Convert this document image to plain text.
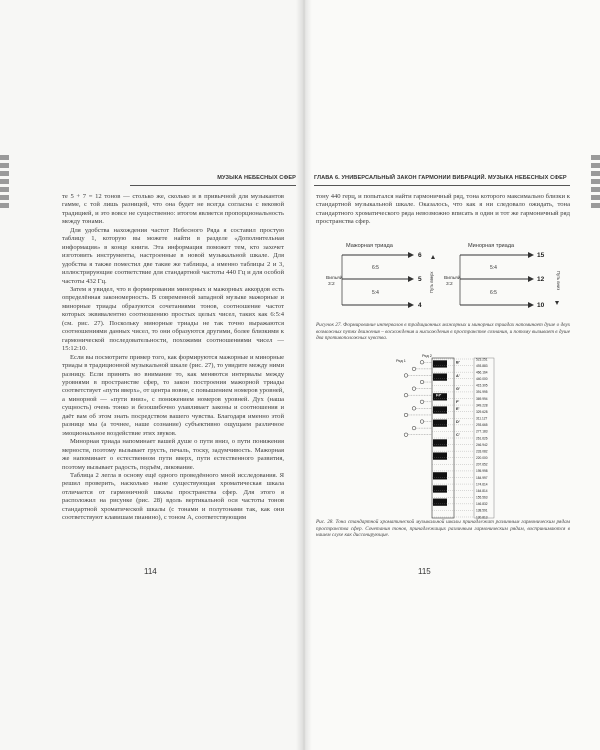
МУЗЫКА НЕБЕСНЫХ СФЕР

те 5 + 7 = 12 тонов — столько же, сколько и в привычной для музыкантов гамме, с той лишь разницей, что она будет не всегда согласна с вековой традицией, и это вовсе не существенно: итогом является пропорциональность между тонами.

Для удобства нахождения частот Небесного Ряда я составил простую таблицу 1, которую вы можете найти в разделе «Дополнительная информация» в конце книги. Эта информация поможет тем, кто захочет изготовить инструменты, настроенные в новой музыкальной шкале. Для удобства я также поместил две такие же таблицы, а именно таблицы 2 и 3, иллюстрирующие соответствие для стандартной частоты 440 Гц и для особой частоты 432 Гц.

Затем я увидел, что в формировании минорных и мажорных аккордов есть определённая закономерность. В современной западной музыке мажорные и минорные триады образуются сочетаниями тонов, соотношение частот которых эквивалентно соотношению простых целых чисел, таких как 6:5:4 (см. рис. 27). Поскольку минорные триады не так точно выражаются соотношениями данных чисел, то они образуются другими, более близкими к гармонической последовательности, похожими соотношениями чисел — 15:12:10.

Если вы посмотрите пример того, как формируются мажорные и минорные триады в традиционной музыкальной шкале (рис. 27), то увидите между ними разницу. Если принять во внимание то, как меняются интервалы между уровнями в пространстве сфер, то закон построения мажорной триады соответствует «пути вверх», от центра вовне, с повышением номеров уровней, а минорной — «пути вниз», с понижением номеров уровней. Дух (наша сущность) очень тонко и безошибочно улавливает законы и соотношения и даёт вам об этом знать посредством вашего чувства. Благодаря именно этой разнице мы (а точнее, наше сознание) субъективно ощущаем различное эмоциональное воздействие этих звуков.

Минорная триада напоминает вашей душе о пути вниз, о пути понижения мерности, поэтому вызывает грусть, печаль, тоску, задумчивость. Мажорная же напоминает о естественном пути вверх, пути естественного развития, поэтому вызывает радость, подъём, ликование.

Таблица 2 легла в основу ещё одного проведённого мной исследования. Я решил проверить, насколько ныне существующая хроматическая шкала отличается от гармоничной шкалы пространства сфер. Для этого я расположил на рисунке (рис. 28) вдоль вертикальной оси частоты тонов стандартной хроматической шкалы (с тонами и полутонами так, как они соответствуют клавишам пианино), с тоном A, соответствующим

114
ГЛАВА 6. УНИВЕРСАЛЬНЫЙ ЗАКОН ГАРМОНИИ ВИБРАЦИЙ. МУЗЫКА НЕБЕСНЫХ СФЕР

тону 440 герц, и попытался найти гармоничный ряд, тона которого максимально близки к стандартной музыкальной шкале. Оказалось, что как я ни следовало ожидать, тона стандартного хроматического ряда невозможно вписать в один и тот же гармоничный ряд пространства сфер.

Мажорная триада
6
5
4
6:5
5:4
Вильяй
3:2	Путь вверх
Минорная триада
15
12
10
5:4
6:5
Вильяй
3:2	Путь вниз
Рисунок 27. Формирование интервалов в традиционных мажорных и минорных триадах напоминает душе о двух возможных путях движения – восхождения и нисхождения в пространстве сознания, и потому вызывает в душе два противоположных чувства.
Ряд 2
Ряд 1	523.251
493.883
466.164
440.000
415.305
391.995
369.994
349.228
329.628
311.127
293.665
277.183
261.626
246.942
233.082
220.000
207.652
195.998
184.997
174.614
164.814
155.563
146.832
138.591
130.813
B'
A#'
A'
G#'
G'
F#'
F'
E'
D#'
D'
C#'
C'
Рис. 28. Тона стандартной хроматической музыкальной шкалы принадлежат различным гармоническим рядам пространства сфер. Сочетания тонов, принадлежащих различным гармоническим рядам, воспринимаются в нашем слухе как диссонирующие.
115
